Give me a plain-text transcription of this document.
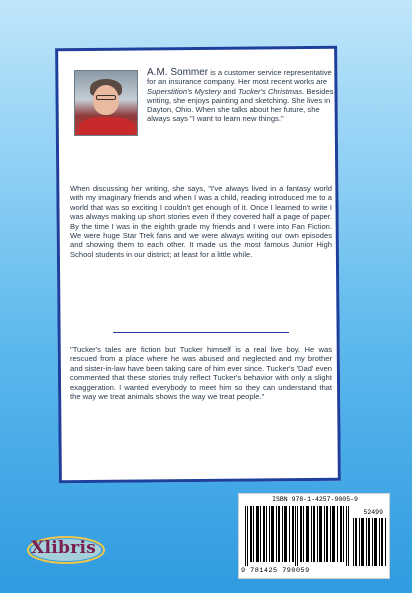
A.M. Sommer is a customer service representative for an insurance company. Her most recent works are Superstition's Mystery and Tucker's Christmas. Besides writing, she enjoys painting and sketching. She lives in Dayton, Ohio. When she talks about her future, she always says "I want to learn new things."

When discussing her writing, she says, "I've always lived in a fantasy world with my imaginary friends and when I was a child, reading introduced me to a world that was so exciting I couldn't get enough of it. Once I learned to write I was always making up short stories even if they covered half a page of paper. By the time I was in the eighth grade my friends and I were into Fan Fiction. We were huge Star Trek fans and we were always writing our own episodes and showing them to each other. It made us the most famous Junior High School students in our district; at least for a little while.

"Tucker's tales are fiction but Tucker himself is a real live boy. He was rescued from a place where he was abused and neglected and my brother and sister-in-law have been taking care of him ever since. Tucker's 'Dad' even commented that these stories truly reflect Tucker's behavior with only a slight exaggeration. I wanted everybody to meet him so they can understand that the way we treat animals shows the way we treat people."

ISBN 978-1-4257-9005-9
52499
9 781425 790059
Xlibris
